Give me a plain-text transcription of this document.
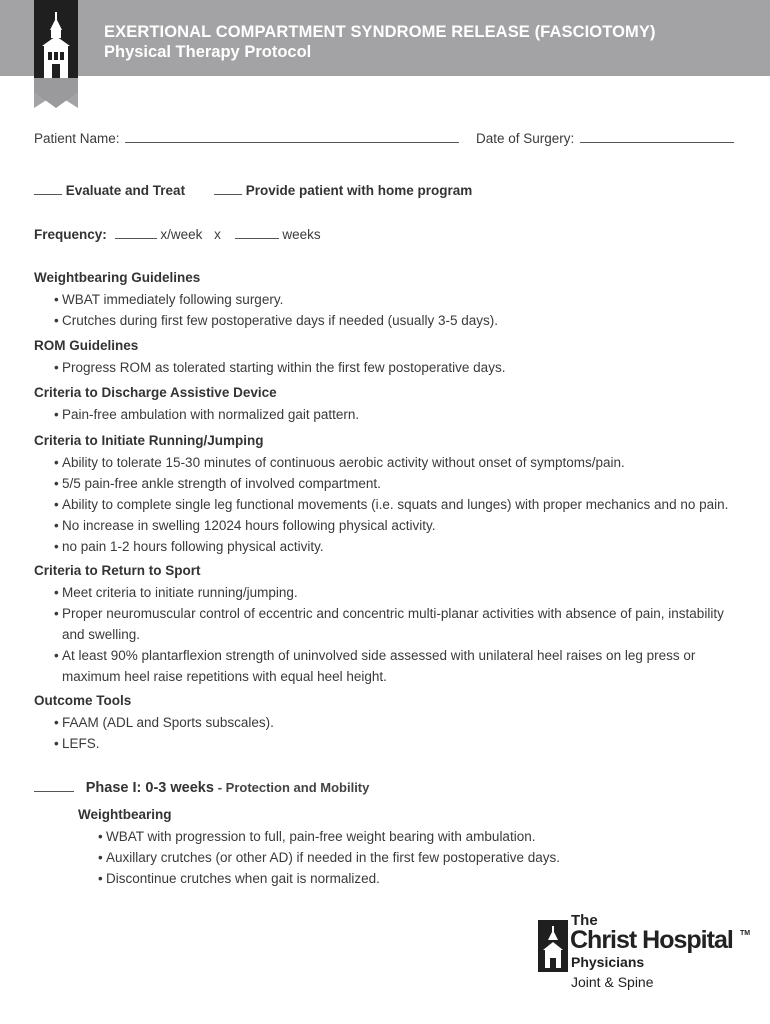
EXERTIONAL COMPARTMENT SYNDROME RELEASE (FASCIOTOMY)
Physical Therapy Protocol
Patient Name:	Date of Surgery:
Evaluate and Treat	Provide patient with home program
Frequency:	x/week x	weeks
Weightbearing Guidelines
• WBAT immediately following surgery.
• Crutches during first few postoperative days if needed (usually 3-5 days).
ROM Guidelines
• Progress ROM as tolerated starting within the first few postoperative days.
Criteria to Discharge Assistive Device
• Pain-free ambulation with normalized gait pattern.
Criteria to Initiate Running/Jumping
• Ability to tolerate 15-30 minutes of continuous aerobic activity without onset of symptoms/pain.
• 5/5 pain-free ankle strength of involved compartment.
• Ability to complete single leg functional movements (i.e. squats and lunges) with proper mechanics and no pain.
• No increase in swelling 12024 hours following physical activity.
• no pain 1-2 hours following physical activity.
Criteria to Return to Sport
• Meet criteria to initiate running/jumping.
• Proper neuromuscular control of eccentric and concentric multi-planar activities with absence of pain, instability and swelling.
• At least 90% plantarflexion strength of uninvolved side assessed with unilateral heel raises on leg press or maximum heel raise repetitions with equal heel height.
Outcome Tools
• FAAM (ADL and Sports subscales).
• LEFS.
Phase I: 0-3 weeks - Protection and Mobility
Weightbearing
• WBAT with progression to full, pain-free weight bearing with ambulation.
• Auxillary crutches (or other AD) if needed in the first few postoperative days.
• Discontinue crutches when gait is normalized.
The
Christ Hospital TM
Physicians
Joint & Spine
